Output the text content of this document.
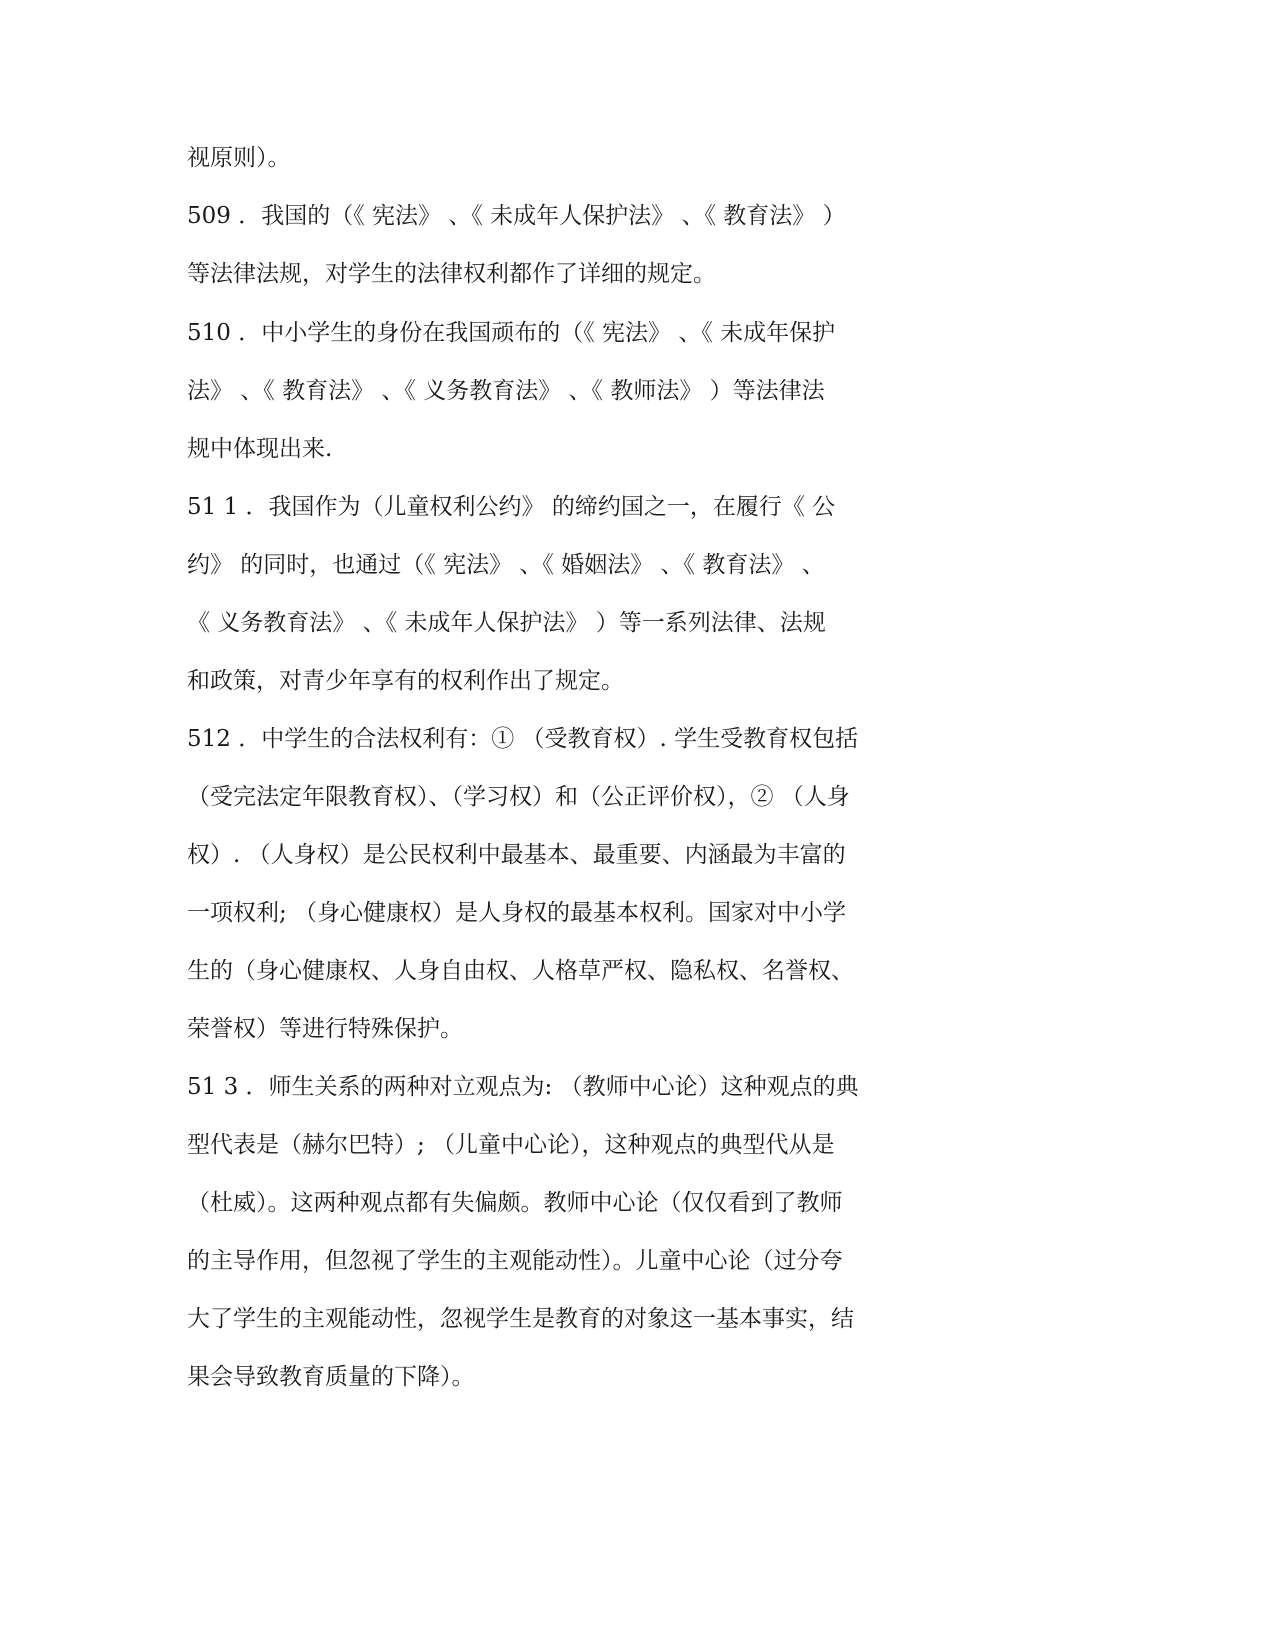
视原则）。
509 ．我国的（《 宪法》 、《 未成年人保护法》 、《 教育法》 ）
等法律法规，对学生的法律权利都作了详细的规定。
510 ．中小学生的身份在我国顽布的（《 宪法》 、《 未成年保护
法》 、《 教育法》 、《 义务教育法》 、《 教师法》 ）等法律法
规中体现出来.
51 1 ．我国作为（儿童权利公约》 的缔约国之一，在履行《 公
约》 的同时，也通过（《 宪法》 、《 婚姻法》 、《 教育法》 、
《 义务教育法》 、《 未成年人保护法》 ）等一系列法律、法规
和政策，对青少年享有的权利作出了规定。
512 ．中学生的合法权利有：① （受教育权）. 学生受教育权包括
（受完法定年限教育权）、（学习权）和（公正评价权），② （人身
权）. （人身权）是公民权利中最基本、最重要、内涵最为丰富的
一项权利; （身心健康权）是人身权的最基本权利。国家对中小学
生的（身心健康权、人身自由权、人格草严权、隐私权、名誉权、
荣誉权）等进行特殊保护。
51 3 ．师生关系的两种对立观点为: （教师中心论）这种观点的典
型代表是（赫尔巴特）; （儿童中心论），这种观点的典型代从是
（杜威）。这两种观点都有失偏颇。教师中心论（仅仅看到了教师
的主导作用，但忽视了学生的主观能动性）。儿童中心论（过分夸
大了学生的主观能动性，忽视学生是教育的对象这一基本事实，结
果会导致教育质量的下降）。
